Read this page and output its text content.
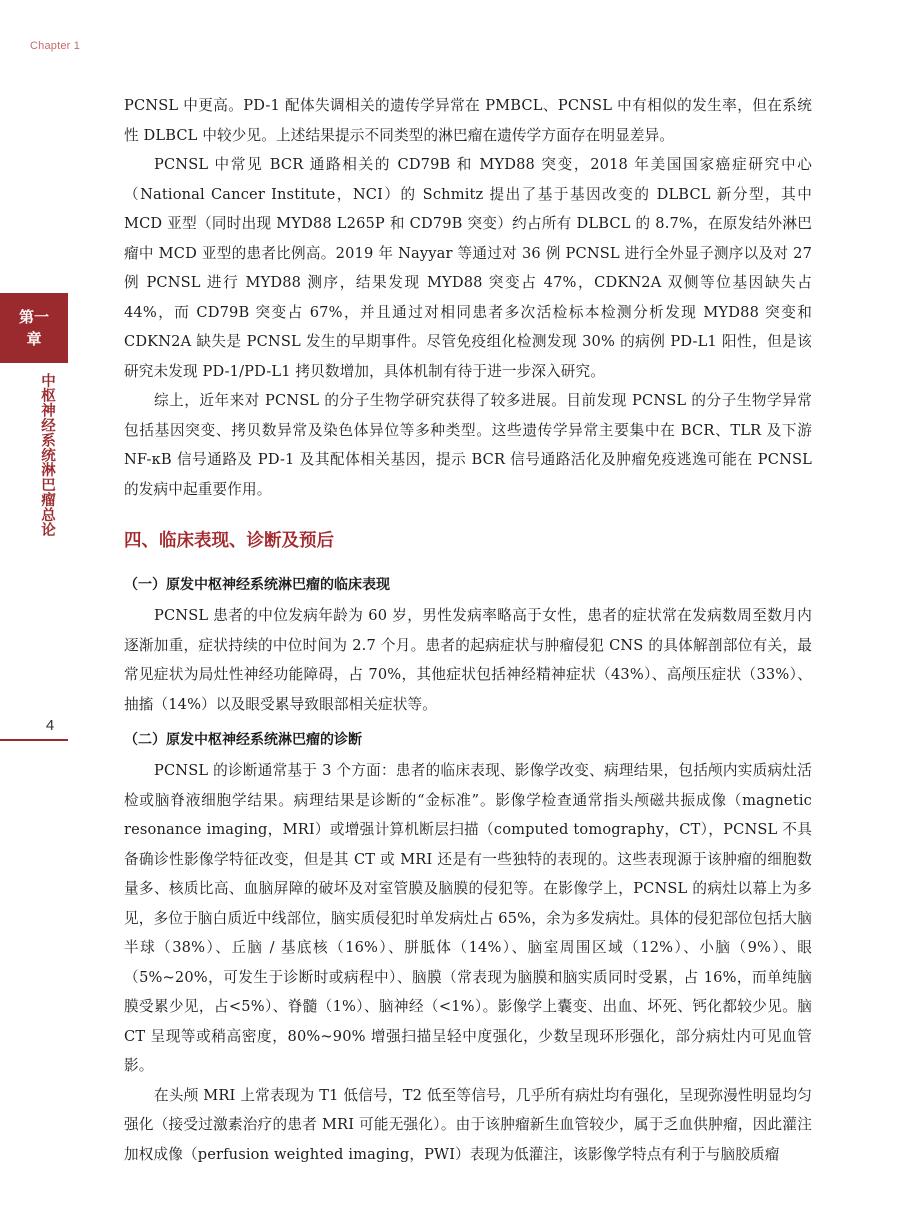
Chapter 1
第一
章
中枢神经系统淋巴瘤总论
4

PCNSL 中更高。PD-1 配体失调相关的遗传学异常在 PMBCL、PCNSL 中有相似的发生率，但在系统性 DLBCL 中较少见。上述结果提示不同类型的淋巴瘤在遗传学方面存在明显差异。

PCNSL 中常见 BCR 通路相关的 CD79B 和 MYD88 突变，2018 年美国国家癌症研究中心（National Cancer Institute，NCI）的 Schmitz 提出了基于基因改变的 DLBCL 新分型，其中 MCD 亚型（同时出现 MYD88 L265P 和 CD79B 突变）约占所有 DLBCL 的 8.7%，在原发结外淋巴瘤中 MCD 亚型的患者比例高。2019 年 Nayyar 等通过对 36 例 PCNSL 进行全外显子测序以及对 27 例 PCNSL 进行 MYD88 测序，结果发现 MYD88 突变占 47%，CDKN2A 双侧等位基因缺失占 44%，而 CD79B 突变占 67%，并且通过对相同患者多次活检标本检测分析发现 MYD88 突变和 CDKN2A 缺失是 PCNSL 发生的早期事件。尽管免疫组化检测发现 30% 的病例 PD-L1 阳性，但是该研究未发现 PD-1/PD-L1 拷贝数增加，具体机制有待于进一步深入研究。

综上，近年来对 PCNSL 的分子生物学研究获得了较多进展。目前发现 PCNSL 的分子生物学异常包括基因突变、拷贝数异常及染色体异位等多种类型。这些遗传学异常主要集中在 BCR、TLR 及下游 NF-κB 信号通路及 PD-1 及其配体相关基因，提示 BCR 信号通路活化及肿瘤免疫逃逸可能在 PCNSL 的发病中起重要作用。

四、临床表现、诊断及预后
（一）原发中枢神经系统淋巴瘤的临床表现

PCNSL 患者的中位发病年龄为 60 岁，男性发病率略高于女性，患者的症状常在发病数周至数月内逐渐加重，症状持续的中位时间为 2.7 个月。患者的起病症状与肿瘤侵犯 CNS 的具体解剖部位有关，最常见症状为局灶性神经功能障碍，占 70%，其他症状包括神经精神症状（43%）、高颅压症状（33%）、抽搐（14%）以及眼受累导致眼部相关症状等。

（二）原发中枢神经系统淋巴瘤的诊断

PCNSL 的诊断通常基于 3 个方面：患者的临床表现、影像学改变、病理结果，包括颅内实质病灶活检或脑脊液细胞学结果。病理结果是诊断的“金标准”。影像学检查通常指头颅磁共振成像（magnetic resonance imaging，MRI）或增强计算机断层扫描（computed tomography，CT），PCNSL 不具备确诊性影像学特征改变，但是其 CT 或 MRI 还是有一些独特的表现的。这些表现源于该肿瘤的细胞数量多、核质比高、血脑屏障的破坏及对室管膜及脑膜的侵犯等。在影像学上，PCNSL 的病灶以幕上为多见，多位于脑白质近中线部位，脑实质侵犯时单发病灶占 65%，余为多发病灶。具体的侵犯部位包括大脑半球（38%）、丘脑 / 基底核（16%）、胼胝体（14%）、脑室周围区域（12%）、小脑（9%）、眼（5%~20%，可发生于诊断时或病程中）、脑膜（常表现为脑膜和脑实质同时受累，占 16%，而单纯脑膜受累少见，占<5%）、脊髓（1%）、脑神经（<1%）。影像学上囊变、出血、坏死、钙化都较少见。脑 CT 呈现等或稍高密度，80%~90% 增强扫描呈轻中度强化，少数呈现环形强化，部分病灶内可见血管影。

在头颅 MRI 上常表现为 T1 低信号，T2 低至等信号，几乎所有病灶均有强化，呈现弥漫性明显均匀强化（接受过激素治疗的患者 MRI 可能无强化）。由于该肿瘤新生血管较少，属于乏血供肿瘤，因此灌注加权成像（perfusion weighted imaging，PWI）表现为低灌注，该影像学特点有利于与脑胶质瘤
